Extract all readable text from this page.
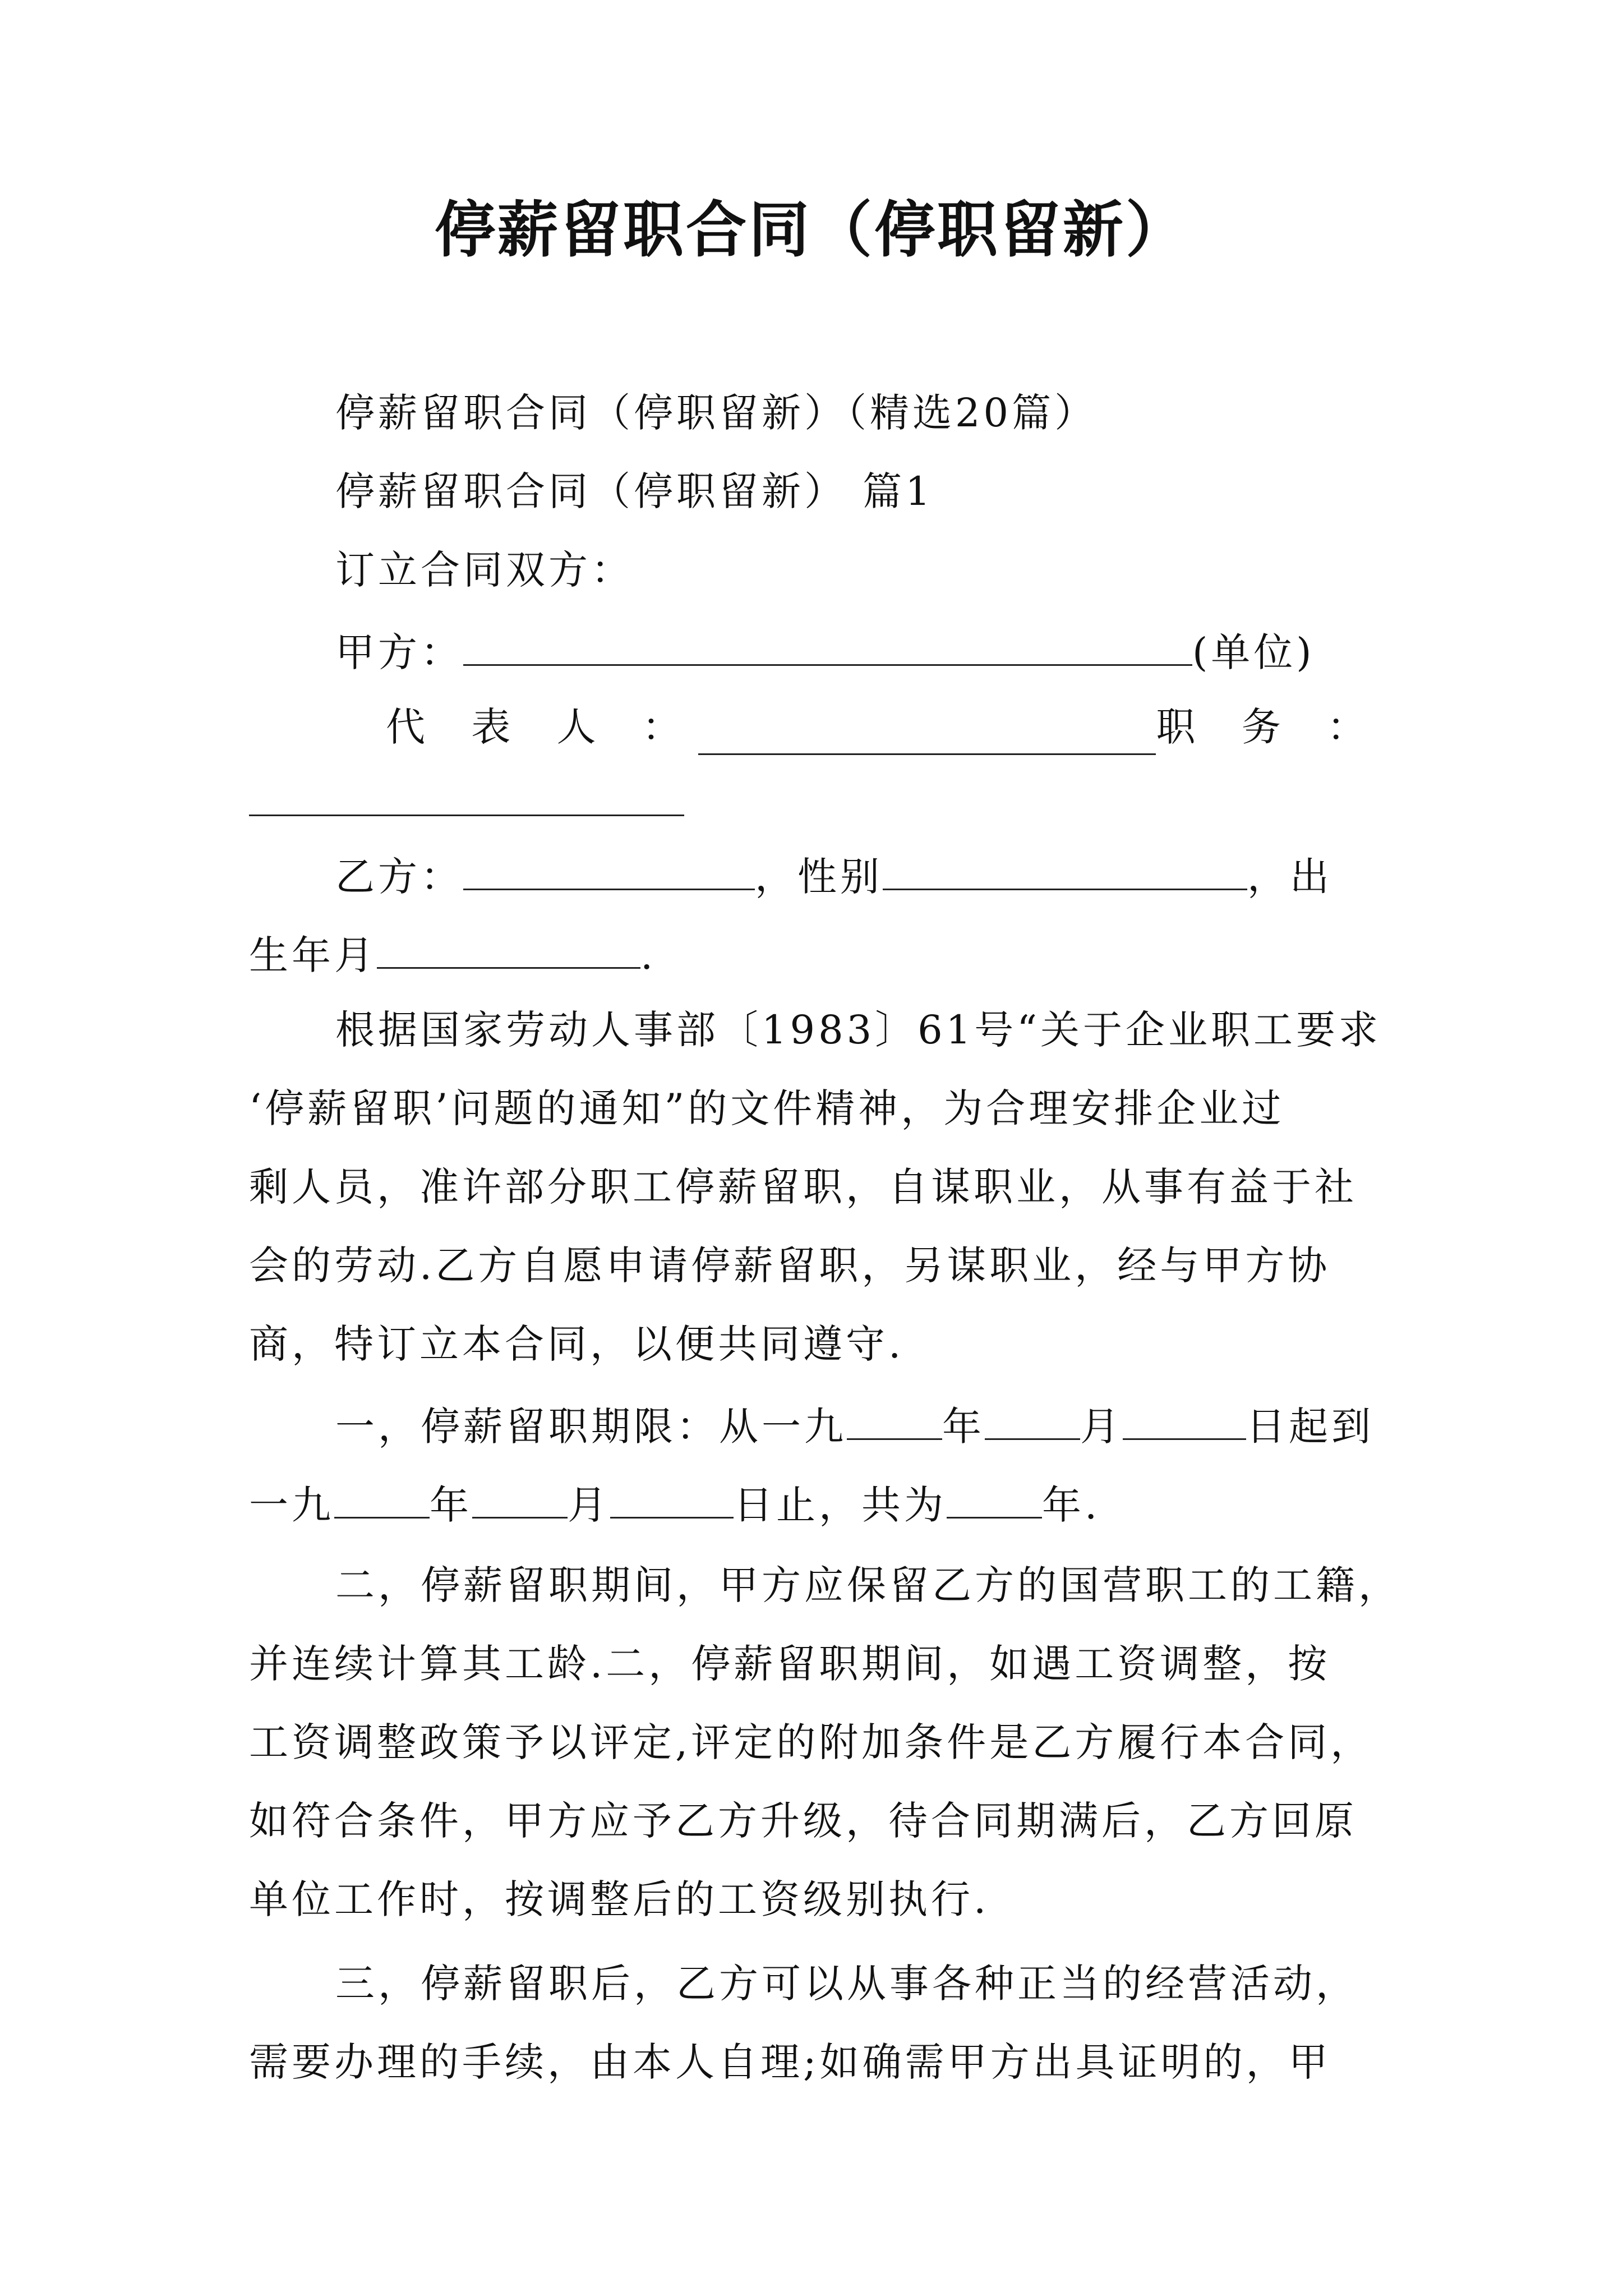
停薪留职合同（停职留新）
停薪留职合同（停职留新）（精选20篇）
停薪留职合同（停职留新） 篇1
订立合同双方：
甲方：	(单位)
代 表 人 ：	职 务 ：
乙方：	，性别	，出
生年月	.
根据国家劳动人事部〔1983〕61号“关于企业职工要求
‘停薪留职’问题的通知”的文件精神，为合理安排企业过
剩人员，准许部分职工停薪留职，自谋职业，从事有益于社
会的劳动.乙方自愿申请停薪留职，另谋职业，经与甲方协
商，特订立本合同，以便共同遵守.
一，停薪留职期限：从一九 年 月	日起到
一九 年 月	日止，共为 年.
二，停薪留职期间，甲方应保留乙方的国营职工的工籍，
并连续计算其工龄.二，停薪留职期间，如遇工资调整，按
工资调整政策予以评定,评定的附加条件是乙方履行本合同，
如符合条件，甲方应予乙方升级，待合同期满后，乙方回原
单位工作时，按调整后的工资级别执行.
三，停薪留职后，乙方可以从事各种正当的经营活动，
需要办理的手续，由本人自理;如确需甲方出具证明的，甲
